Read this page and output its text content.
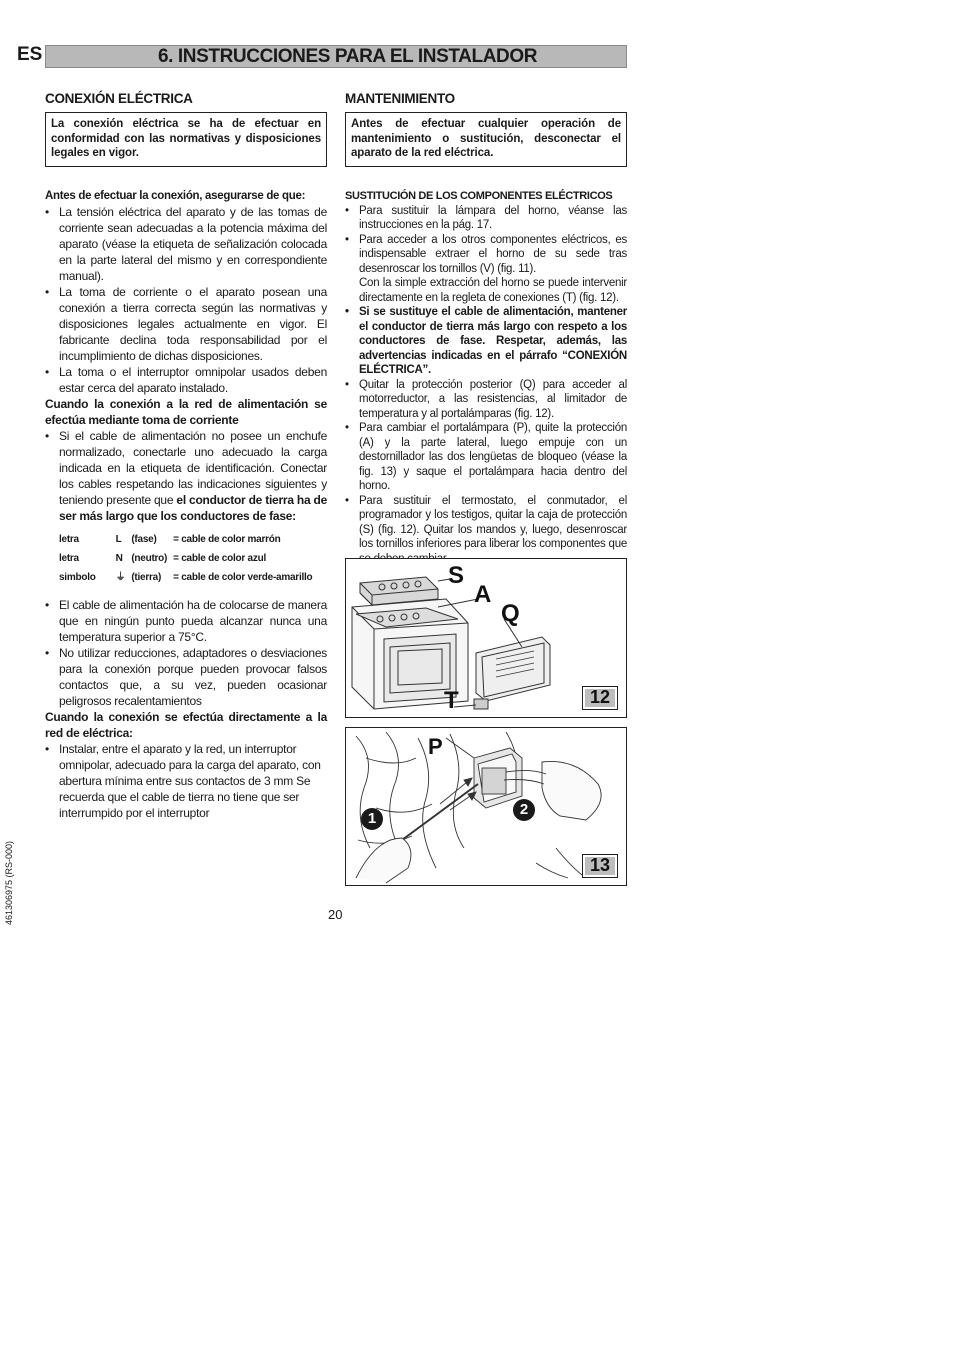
ES	6. INSTRUCCIONES PARA EL INSTALADOR
CONEXIÓN ELÉCTRICA
La conexión eléctrica se ha de efectuar en conformidad con las normativas y disposiciones legales en vigor.
Antes de efectuar la conexión, asegurarse de que:
• La tensión eléctrica del aparato y de las tomas de corriente sean adecuadas a la potencia máxima del aparato (véase la etiqueta de señalización colocada en la parte lateral del mismo y en correspondiente manual).
• La toma de corriente o el aparato posean una conexión a tierra correcta según las normativas y disposiciones legales actualmente en vigor. El fabricante declina toda responsabilidad por el incumplimiento de dichas disposiciones.
• La toma o el interruptor omnipolar usados deben estar cerca del aparato instalado.
Cuando la conexión a la red de alimentación se efectúa mediante toma de corriente
• Si el cable de alimentación no posee un enchufe normalizado, conectarle uno adecuado la carga indicada en la etiqueta de identificación. Conectar los cables respetando las indicaciones siguientes y teniendo presente que el conductor de tierra ha de ser más largo que los conductores de fase:
letra	L	(fase)	= cable de color marrón
letra	N	(neutro)	= cable de color azul
simbolo	⏚	(tierra)	= cable de color verde-amarillo
• El cable de alimentación ha de colocarse de manera que en ningún punto pueda alcanzar nunca una temperatura superior a 75°C.
• No utilizar reducciones, adaptadores o desviaciones para la conexión porque pueden provocar falsos contactos que, a su vez, pueden ocasionar peligrosos recalentamientos
Cuando la conexión se efectúa directamente a la red de eléctrica:
• Instalar, entre el aparato y la red, un interruptor omnipolar, adecuado para la carga del aparato, con abertura mínima entre sus contactos de 3 mm Se recuerda que el cable de tierra no tiene que ser interrumpido por el interruptor
MANTENIMIENTO
Antes de efectuar cualquier operación de mantenimiento o sustitución, desconectar el aparato de la red eléctrica.
SUSTITUCIÓN DE LOS COMPONENTES ELÉCTRICOS
• Para sustituir la lámpara del horno, véanse las instrucciones en la pág. 17.
• Para acceder a los otros componentes eléctricos, es indispensable extraer el horno de su sede tras desenroscar los tornillos (V) (fig. 11).
Con la simple extracción del horno se puede intervenir directamente en la regleta de conexiones (T) (fig. 12).
• Si se sustituye el cable de alimentación, mantener el conductor de tierra más largo con respeto a los conductores de fase. Respetar, además, las advertencias indicadas en el párrafo “CONEXIÓN ELÉCTRICA”.
• Quitar la protección posterior (Q) para acceder al motorreductor, a las resistencias, al limitador de temperatura y al portalámparas (fig. 12).
• Para cambiar el portalámpara (P), quite la protección (A) y la parte lateral, luego empuje con un destornillador las dos lengüetas de bloqueo (véase la fig. 13) y saque el portalámpara hacia dentro del horno.
• Para sustituir el termostato, el conmutador, el programador y los testigos, quitar la caja de protección (S) (fig. 12). Quitar los mandos y, luego, desenroscar los tornillos inferiores para liberar los componentes que
S
A
Q
T	12
P
1
2
13
20
461306975 (RS-000)
